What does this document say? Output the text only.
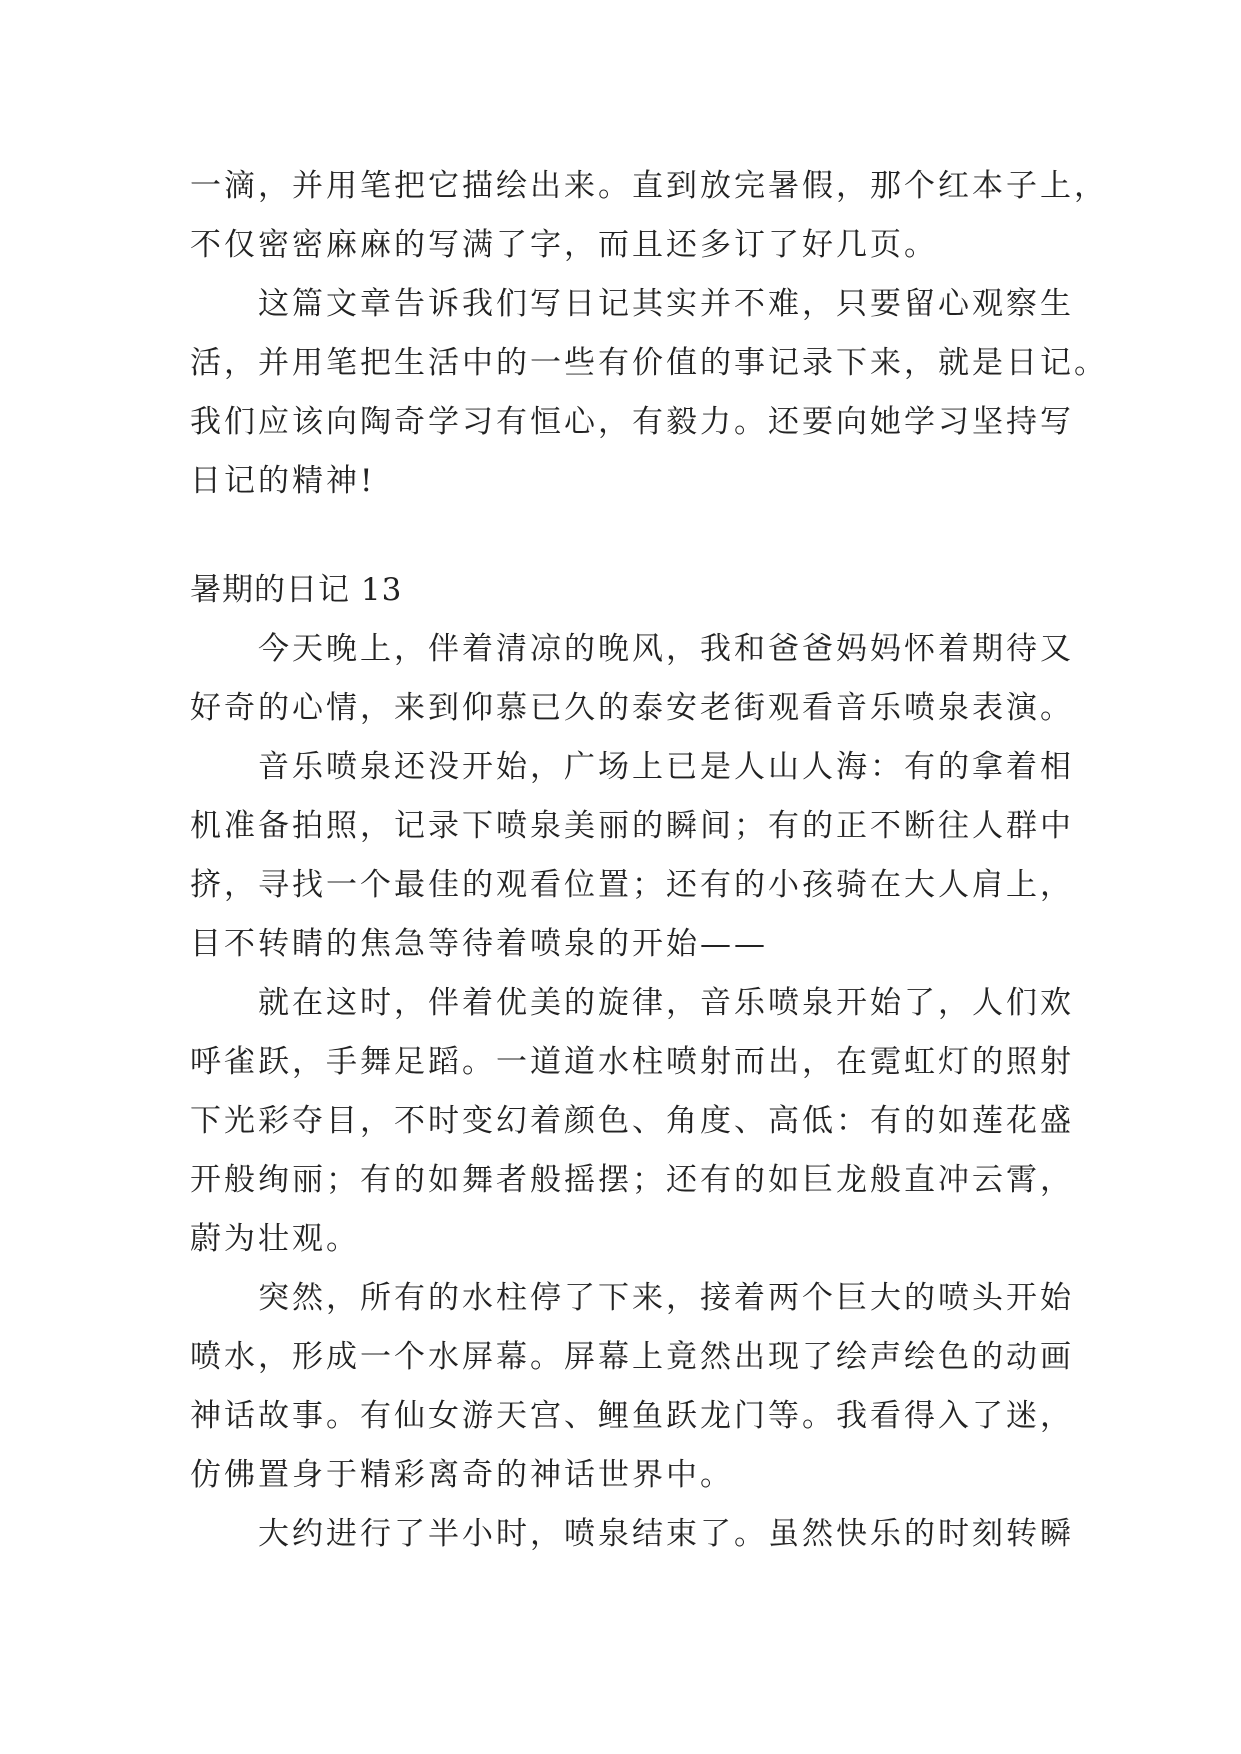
一滴，并用笔把它描绘出来。直到放完暑假，那个红本子上，
不仅密密麻麻的写满了字，而且还多订了好几页。
这篇文章告诉我们写日记其实并不难，只要留心观察生
活，并用笔把生活中的一些有价值的事记录下来，就是日记。
我们应该向陶奇学习有恒心，有毅力。还要向她学习坚持写
日记的精神!
暑期的日记 13
今天晚上，伴着清凉的晚风，我和爸爸妈妈怀着期待又
好奇的心情，来到仰慕已久的泰安老街观看音乐喷泉表演。
音乐喷泉还没开始，广场上已是人山人海：有的拿着相
机准备拍照，记录下喷泉美丽的瞬间；有的正不断往人群中
挤，寻找一个最佳的观看位置；还有的小孩骑在大人肩上，
目不转睛的焦急等待着喷泉的开始——
就在这时，伴着优美的旋律，音乐喷泉开始了，人们欢
呼雀跃，手舞足蹈。一道道水柱喷射而出，在霓虹灯的照射
下光彩夺目，不时变幻着颜色、角度、高低：有的如莲花盛
开般绚丽；有的如舞者般摇摆；还有的如巨龙般直冲云霄，
蔚为壮观。
突然，所有的水柱停了下来，接着两个巨大的喷头开始
喷水，形成一个水屏幕。屏幕上竟然出现了绘声绘色的动画
神话故事。有仙女游天宫、鲤鱼跃龙门等。我看得入了迷，
仿佛置身于精彩离奇的神话世界中。
大约进行了半小时，喷泉结束了。虽然快乐的时刻转瞬
